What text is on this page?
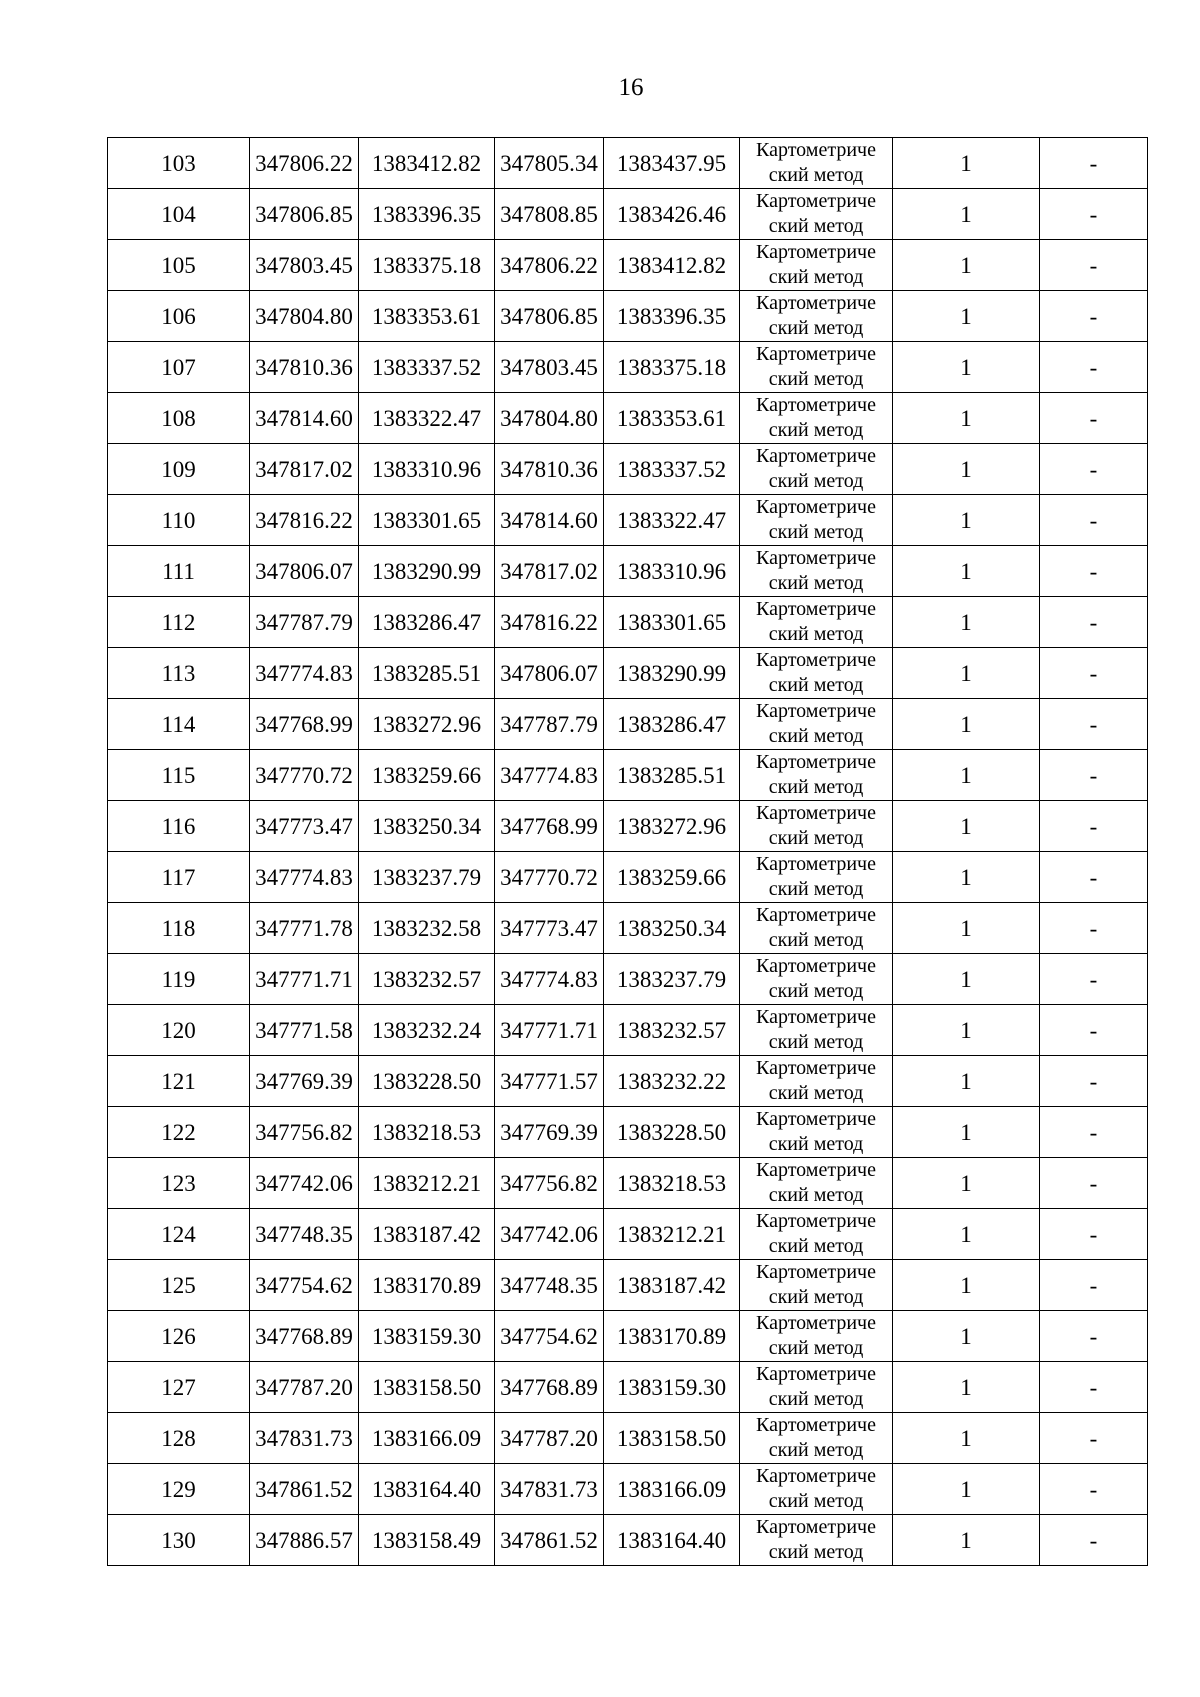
16
103	347806.22	1383412.82	347805.34	1383437.95	Картометриче
ский метод	1	-
104	347806.85	1383396.35	347808.85	1383426.46	Картометриче
ский метод	1	-
105	347803.45	1383375.18	347806.22	1383412.82	Картометриче
ский метод	1	-
106	347804.80	1383353.61	347806.85	1383396.35	Картометриче
ский метод	1	-
107	347810.36	1383337.52	347803.45	1383375.18	Картометриче
ский метод	1	-
108	347814.60	1383322.47	347804.80	1383353.61	Картометриче
ский метод	1	-
109	347817.02	1383310.96	347810.36	1383337.52	Картометриче
ский метод	1	-
110	347816.22	1383301.65	347814.60	1383322.47	Картометриче
ский метод	1	-
111	347806.07	1383290.99	347817.02	1383310.96	Картометриче
ский метод	1	-
112	347787.79	1383286.47	347816.22	1383301.65	Картометриче
ский метод	1	-
113	347774.83	1383285.51	347806.07	1383290.99	Картометриче
ский метод	1	-
114	347768.99	1383272.96	347787.79	1383286.47	Картометриче
ский метод	1	-
115	347770.72	1383259.66	347774.83	1383285.51	Картометриче
ский метод	1	-
116	347773.47	1383250.34	347768.99	1383272.96	Картометриче
ский метод	1	-
117	347774.83	1383237.79	347770.72	1383259.66	Картометриче
ский метод	1	-
118	347771.78	1383232.58	347773.47	1383250.34	Картометриче
ский метод	1	-
119	347771.71	1383232.57	347774.83	1383237.79	Картометриче
ский метод	1	-
120	347771.58	1383232.24	347771.71	1383232.57	Картометриче
ский метод	1	-
121	347769.39	1383228.50	347771.57	1383232.22	Картометриче
ский метод	1	-
122	347756.82	1383218.53	347769.39	1383228.50	Картометриче
ский метод	1	-
123	347742.06	1383212.21	347756.82	1383218.53	Картометриче
ский метод	1	-
124	347748.35	1383187.42	347742.06	1383212.21	Картометриче
ский метод	1	-
125	347754.62	1383170.89	347748.35	1383187.42	Картометриче
ский метод	1	-
126	347768.89	1383159.30	347754.62	1383170.89	Картометриче
ский метод	1	-
127	347787.20	1383158.50	347768.89	1383159.30	Картометриче
ский метод	1	-
128	347831.73	1383166.09	347787.20	1383158.50	Картометриче
ский метод	1	-
129	347861.52	1383164.40	347831.73	1383166.09	Картометриче
ский метод	1	-
130	347886.57	1383158.49	347861.52	1383164.40	Картометриче
ский метод	1	-
